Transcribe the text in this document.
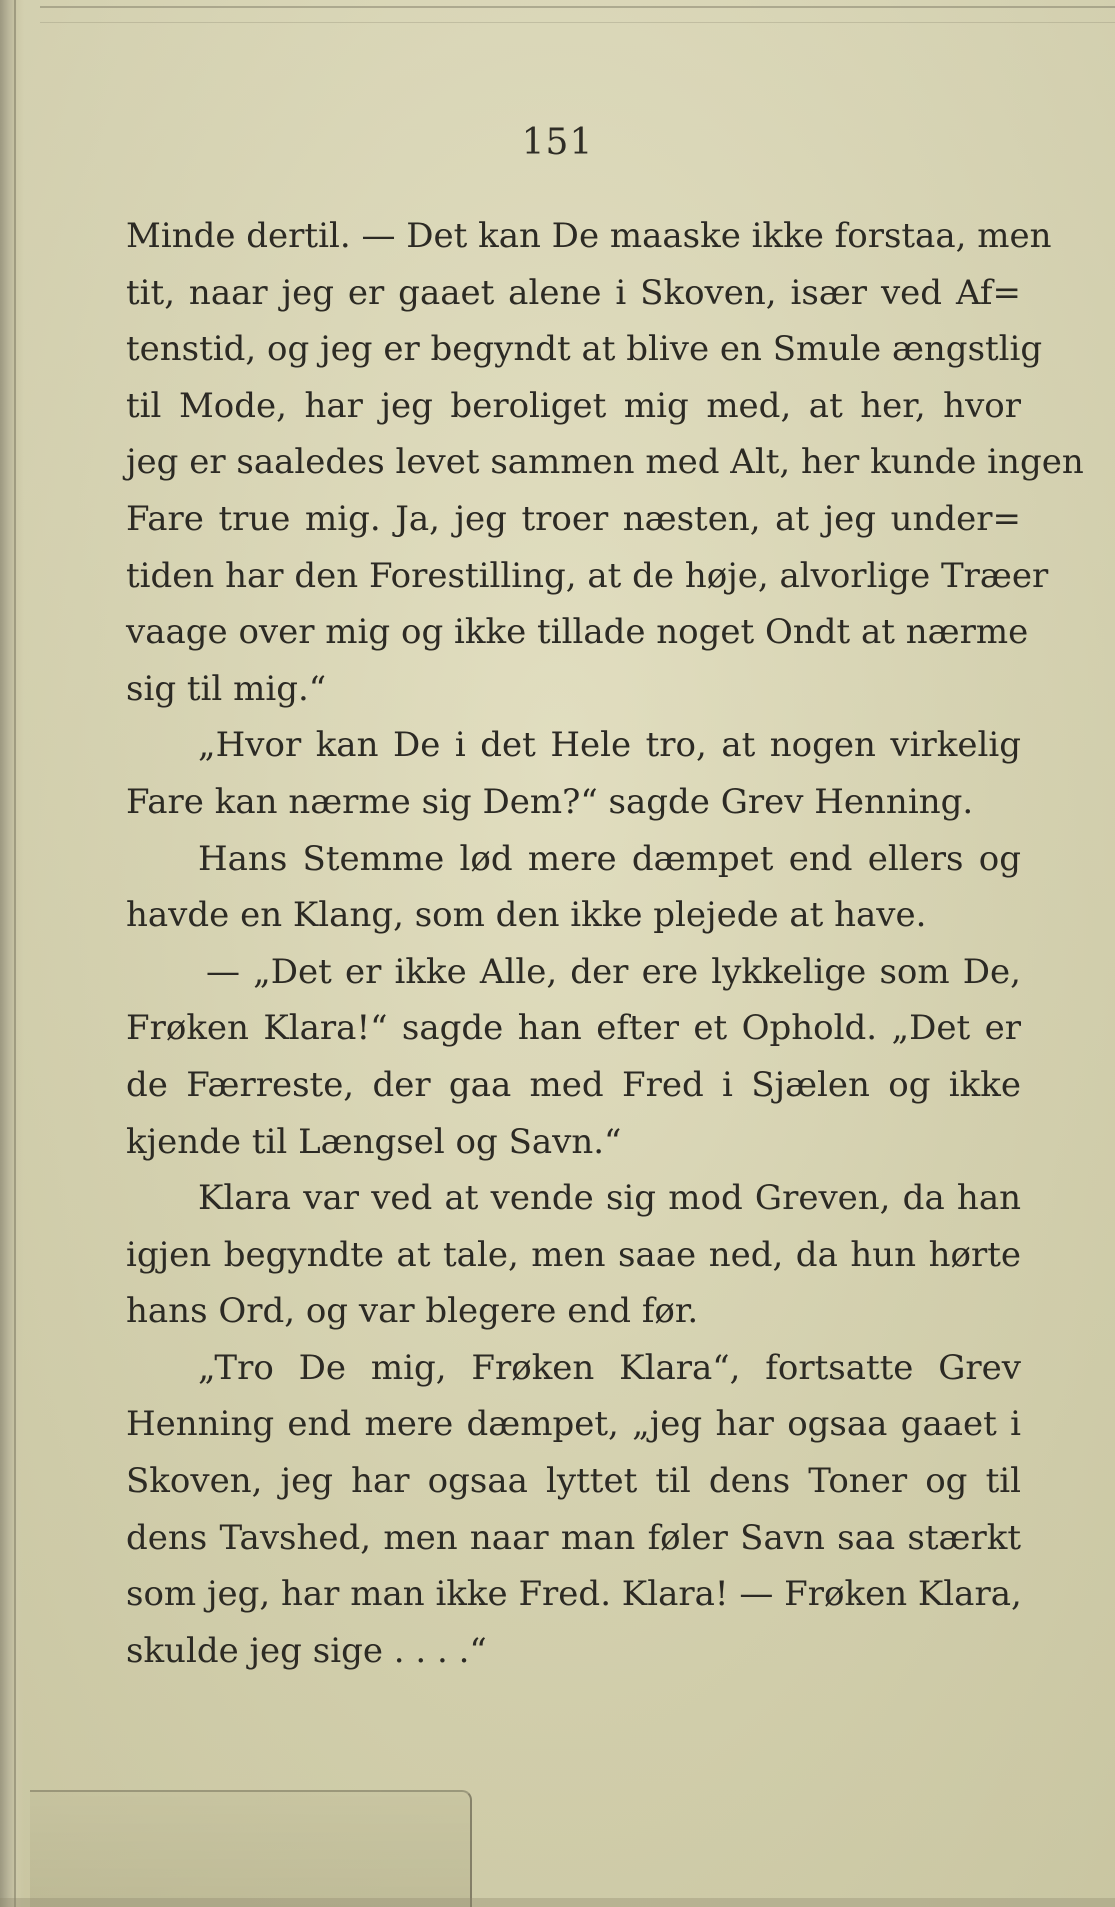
151
Minde dertil. — Det kan De maaske ikke forstaa, men
tit, naar jeg er gaaet alene i Skoven, især ved Af=
tenstid, og jeg er begyndt at blive en Smule ængstlig
til Mode, har jeg beroliget mig med, at her, hvor
jeg er saaledes levet sammen med Alt, her kunde ingen
Fare true mig. Ja, jeg troer næsten, at jeg under=
tiden har den Forestilling, at de høje, alvorlige Træer
vaage over mig og ikke tillade noget Ondt at nærme
sig til mig.“
„Hvor kan De i det Hele tro, at nogen virkelig
Fare kan nærme sig Dem?“ sagde Grev Henning.
Hans Stemme lød mere dæmpet end ellers og
havde en Klang, som den ikke plejede at have.
— „Det er ikke Alle, der ere lykkelige som De,
Frøken Klara!“ sagde han efter et Ophold. „Det er
de Færreste, der gaa med Fred i Sjælen og ikke
kjende til Længsel og Savn.“
Klara var ved at vende sig mod Greven, da han
igjen begyndte at tale, men saae ned, da hun hørte
hans Ord, og var blegere end før.
„Tro De mig, Frøken Klara“, fortsatte Grev
Henning end mere dæmpet, „jeg har ogsaa gaaet i
Skoven, jeg har ogsaa lyttet til dens Toner og til
dens Tavshed, men naar man føler Savn saa stærkt
som jeg, har man ikke Fred. Klara! — Frøken Klara,
skulde jeg sige . . . .“
